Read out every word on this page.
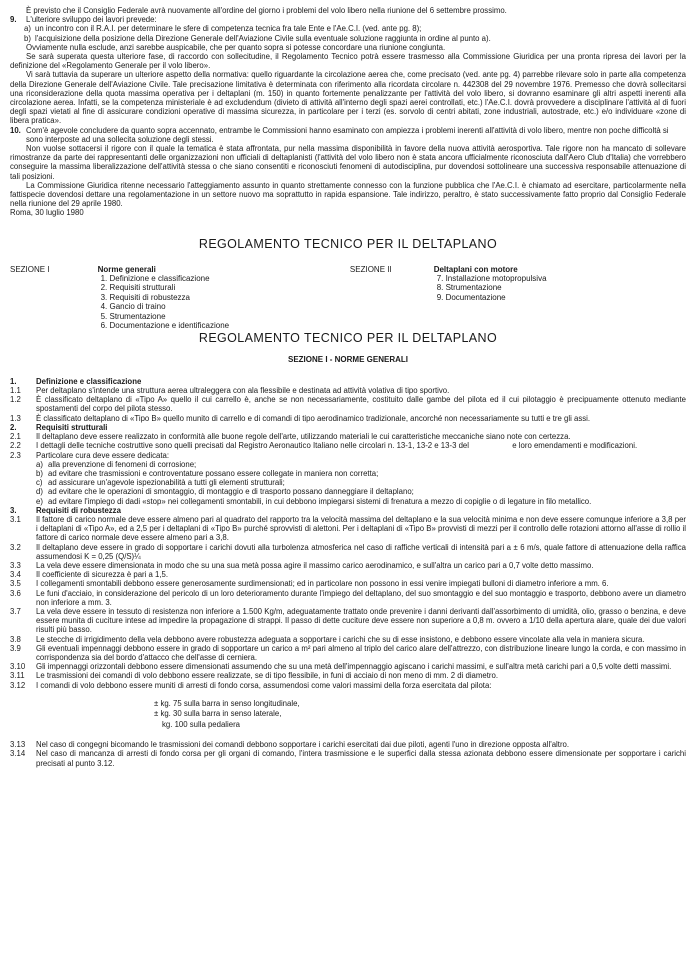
È previsto che il Consiglio Federale avrà nuovamente all'ordine del giorno i problemi del volo libero nella riunione del 6 settembre prossimo.

9.	L'ulteriore sviluppo dei lavori prevede:
a) un incontro con il R.A.I. per determinare le sfere di competenza tecnica fra tale Ente e l'Ae.C.I. (ved. ante pg. 8);
b) l'acquisizione della posizione della Direzione Generale dell'Aviazione Civile sulla eventuale soluzione raggiunta in ordine al punto a).

Ovviamente nulla esclude, anzi sarebbe auspicabile, che per quanto sopra si potesse concordare una riunione congiunta.

Se sarà superata questa ulteriore fase, di raccordo con sollecitudine, il Regolamento Tecnico potrà essere trasmesso alla Commissione Giuridica per una pronta ripresa dei lavori per la definizione del «Regolamento Generale per il volo libero».

Vi sarà tuttavia da superare un ulteriore aspetto della normativa: quello riguardante la circolazione aerea che, come precisato (ved. ante pg. 4) parrebbe rilevare solo in parte alla competenza della Direzione Generale dell'Aviazione Civile. Tale precisazione limitativa è determinata con riferimento alla ricordata circolare n. 442308 del 29 novembre 1976. Premesso che dovrà sollecitarsi una riconsiderazione della quota massima operativa per i deltaplani (m. 150) in quanto fortemente penalizzante per l'attività del volo libero, si dovranno esaminare gli altri aspetti inerenti alla circolazione aerea. Infatti, se la competenza ministeriale è ad excludendum (divieto di attività all'interno degli spazi aerei controllati, etc.) l'Ae.C.I. dovrà provvedere a disciplinare l'attività al di fuori degli spazi vietati al fine di assicurare condizioni operative di massima sicurezza, in particolare per i terzi (es. sorvolo di centri abitati, zone industriali, autostrade, etc.) e/o individuare «zone di libera pratica».

10. Com'è agevole concludere da quanto sopra accennato, entrambe le Commissioni hanno esaminato con ampiezza i problemi inerenti all'attività di volo libero, mentre non poche difficoltà si sono interposte ad una sollecita soluzione degli stessi.

Non vuolse sottacersi il rigore con il quale la tematica è stata affrontata, pur nella massima disponibilità in favore della nuova attività aerosportiva. Tale rigore non ha mancato di sollevare rimostranze da parte dei rappresentanti delle organizzazioni non ufficiali di deltaplanisti (l'attività del volo libero non è stata ancora ufficialmente riconosciuta dall'Aero Club d'Italia) che vorrebbero conseguire la massima liberalizzazione dell'attività stessa o che siano consentiti e riconosciuti fenomeni di autodisciplina, pur dovendosi sottolineare una successiva responsabile attenuazione di tali posizioni.

La Commissione Giuridica ritenne necessario l'atteggiamento assunto in quanto strettamente connesso con la funzione pubblica che l'Ae.C.I. è chiamato ad esercitare, particolarmente nella fattispecie dovendosi dettare una regolamentazione in un settore nuovo ma soprattutto in rapida espansione. Tale indirizzo, peraltro, è stato successivamente fatto proprio dal Consiglio Federale nella riunione del 29 aprile 1980.

Roma, 30 luglio 1980

REGOLAMENTO TECNICO PER IL DELTAPLANO
SEZIONE I	Norme generali
1. Definizione e classificazione
2. Requisiti strutturali
3. Requisiti di robustezza
4. Gancio di traino
5. Strumentazione
6. Documentazione e identificazione
SEZIONE II	Deltaplani con motore
7. Installazione motopropulsiva
8. Strumentazione
9. Documentazione
REGOLAMENTO TECNICO PER IL DELTAPLANO
SEZIONE I - NORME GENERALI
1.	Definizione e classificazione
1.1	Per deltaplano s'intende una struttura aerea ultraleggera con ala flessibile e destinata ad attività volativa di tipo sportivo.
1.2	È classificato deltaplano di «Tipo A» quello il cui carrello è, anche se non necessariamente, costituito dalle gambe del pilota ed il cui pilotaggio è precipuamente ottenuto mediante spostamenti del corpo del pilota stesso.
1.3	È classificato deltaplano di «Tipo B» quello munito di carrello e di comandi di tipo aerodinamico tradizionale, ancorché non necessariamente su tutti e tre gli assi.
2.	Requisiti strutturali
2.1	Il deltaplano deve essere realizzato in conformità alle buone regole dell'arte, utilizzando materiali le cui caratteristiche meccaniche siano note con certezza.
2.2	I dettagli delle tecniche costruttive sono quelli precisati dal Registro Aeronautico Italiano nelle circolari n. 13-1, 13-2 e 13-3 del                    e loro emendamenti e modificazioni.
2.3	Particolare cura deve essere dedicata:
a) alla prevenzione di fenomeni di corrosione;
b) ad evitare che trasmissioni e controventature possano essere collegate in maniera non corretta;
c) ad assicurare un'agevole ispezionabilità a tutti gli elementi strutturali;
d) ad evitare che le operazioni di smontaggio, di montaggio e di trasporto possano danneggiare il deltaplano;
e) ad evitare l'impiego di dadi «stop» nei collegamenti smontabili, in cui debbono impiegarsi sistemi di frenatura a mezzo di copiglie o di legature in filo metallico.
3.	Requisiti di robustezza
3.1	Il fattore di carico normale deve essere almeno pari al quadrato del rapporto tra la velocità massima del deltaplano e la sua velocità minima e non deve essere comunque inferiore a 3,8 per i deltaplani di «Tipo A», ed a 2,5 per i deltaplani di «Tipo B» purché sprovvisti di alettoni. Per i deltaplani di «Tipo B» provvisti di mezzi per il controllo delle rotazioni attorno all'asse di rollio il fattore di carico normale deve essere almeno pari a 3,8.
3.2	Il deltaplano deve essere in grado di sopportare i carichi dovuti alla turbolenza atmosferica nel caso di raffiche verticali di intensità pari a ± 6 m/s, quale fattore di attenuazione della raffica assumendosi K = 0,25 (Q/S)¼
3.3	La vela deve essere dimensionata in modo che su una sua metà possa agire il massimo carico aerodinamico, e sull'altra un carico pari a 0,7 volte detto massimo.
3.4	Il coefficiente di sicurezza è pari a 1,5.
3.5	I collegamenti smontabili debbono essere generosamente surdimensionati; ed in particolare non possono in essi venire impiegati bulloni di diametro inferiore a mm. 6.
3.6	Le funi d'acciaio, in considerazione del pericolo di un loro deterioramento durante l'impiego del deltaplano, del suo smontaggio e del suo montaggio e trasporto, debbono avere un diametro non inferiore a mm. 3.
3.7	La vela deve essere in tessuto di resistenza non inferiore a 1.500 Kg/m, adeguatamente trattato onde prevenire i danni derivanti dall'assorbimento di umidità, olio, grasso o benzina, e deve essere munita di cuciture intese ad impedire la propagazione di strappi. Il passo di dette cuciture deve essere non superiore a 0,8 m. ovvero a 1/10 della apertura alare, quale dei due valori risulti più basso.
3.8	Le stecche di irrigidimento della vela debbono avere robustezza adeguata a sopportare i carichi che su di esse insistono, e debbono essere vincolate alla vela in maniera sicura.
3.9	Gli eventuali impennaggi debbono essere in grado di sopportare un carico a m² pari almeno al triplo del carico alare dell'attrezzo, con distribuzione lineare lungo la corda, e con massimo in corrispondenza sia del bordo d'attacco che dell'asse di cerniera.
3.10	Gli impennaggi orizzontali debbono essere dimensionati assumendo che su una metà dell'impennaggio agiscano i carichi massimi, e sull'altra metà carichi pari a 0,5 volte detti massimi.
3.11	Le trasmissioni dei comandi di volo debbono essere realizzate, se di tipo flessibile, in funi di acciaio di non meno di mm. 2 di diametro.
3.12	I comandi di volo debbono essere muniti di arresti di fondo corsa, assumendosi come valori massimi della forza esercitata dal pilota:
± kg. 75 sulla barra in senso longitudinale,
± kg. 30 sulla barra in senso laterale,
kg. 100 sulla pedaliera
3.13	Nel caso di congegni bicomando le trasmissioni dei comandi debbono sopportare i carichi esercitati dai due piloti, agenti l'uno in direzione opposta all'altro.
3.14	Nel caso di mancanza di arresti di fondo corsa per gli organi di comando, l'intera trasmissione e le superfici dalla stessa azionata debbono essere dimensionate per sopportare i carichi precisati al punto 3.12.
